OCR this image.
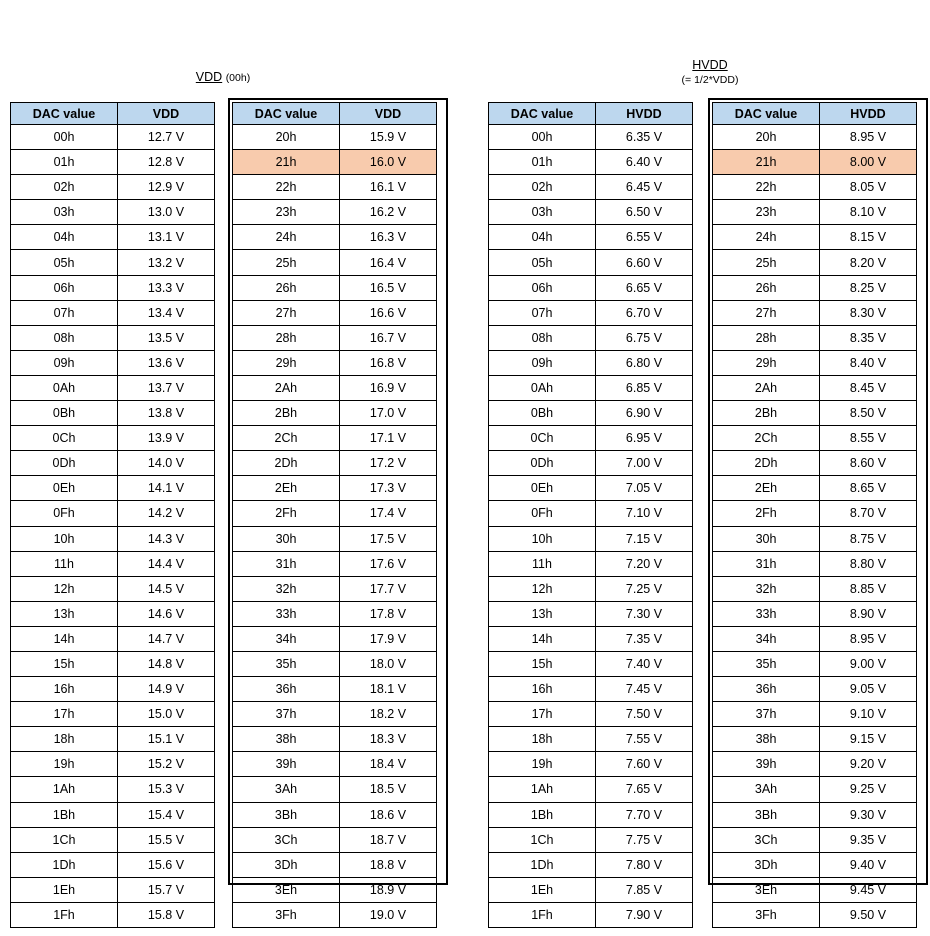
VDD (00h)
HVDD
(= 1/2*VDD)
DAC value	VDD
00h	12.7 V
01h	12.8 V
02h	12.9 V
03h	13.0 V
04h	13.1 V
05h	13.2 V
06h	13.3 V
07h	13.4 V
08h	13.5 V
09h	13.6 V
0Ah	13.7 V
0Bh	13.8 V
0Ch	13.9 V
0Dh	14.0 V
0Eh	14.1 V
0Fh	14.2 V
10h	14.3 V
11h	14.4 V
12h	14.5 V
13h	14.6 V
14h	14.7 V
15h	14.8 V
16h	14.9 V
17h	15.0 V
18h	15.1 V
19h	15.2 V
1Ah	15.3 V
1Bh	15.4 V
1Ch	15.5 V
1Dh	15.6 V
1Eh	15.7 V
1Fh	15.8 V
DAC value	VDD
20h	15.9 V
21h	16.0 V
22h	16.1 V
23h	16.2 V
24h	16.3 V
25h	16.4 V
26h	16.5 V
27h	16.6 V
28h	16.7 V
29h	16.8 V
2Ah	16.9 V
2Bh	17.0 V
2Ch	17.1 V
2Dh	17.2 V
2Eh	17.3 V
2Fh	17.4 V
30h	17.5 V
31h	17.6 V
32h	17.7 V
33h	17.8 V
34h	17.9 V
35h	18.0 V
36h	18.1 V
37h	18.2 V
38h	18.3 V
39h	18.4 V
3Ah	18.5 V
3Bh	18.6 V
3Ch	18.7 V
3Dh	18.8 V
3Eh	18.9 V
3Fh	19.0 V
DAC value	HVDD
00h	6.35 V
01h	6.40 V
02h	6.45 V
03h	6.50 V
04h	6.55 V
05h	6.60 V
06h	6.65 V
07h	6.70 V
08h	6.75 V
09h	6.80 V
0Ah	6.85 V
0Bh	6.90 V
0Ch	6.95 V
0Dh	7.00 V
0Eh	7.05 V
0Fh	7.10 V
10h	7.15 V
11h	7.20 V
12h	7.25 V
13h	7.30 V
14h	7.35 V
15h	7.40 V
16h	7.45 V
17h	7.50 V
18h	7.55 V
19h	7.60 V
1Ah	7.65 V
1Bh	7.70 V
1Ch	7.75 V
1Dh	7.80 V
1Eh	7.85 V
1Fh	7.90 V
DAC value	HVDD
20h	8.95 V
21h	8.00 V
22h	8.05 V
23h	8.10 V
24h	8.15 V
25h	8.20 V
26h	8.25 V
27h	8.30 V
28h	8.35 V
29h	8.40 V
2Ah	8.45 V
2Bh	8.50 V
2Ch	8.55 V
2Dh	8.60 V
2Eh	8.65 V
2Fh	8.70 V
30h	8.75 V
31h	8.80 V
32h	8.85 V
33h	8.90 V
34h	8.95 V
35h	9.00 V
36h	9.05 V
37h	9.10 V
38h	9.15 V
39h	9.20 V
3Ah	9.25 V
3Bh	9.30 V
3Ch	9.35 V
3Dh	9.40 V
3Eh	9.45 V
3Fh	9.50 V
